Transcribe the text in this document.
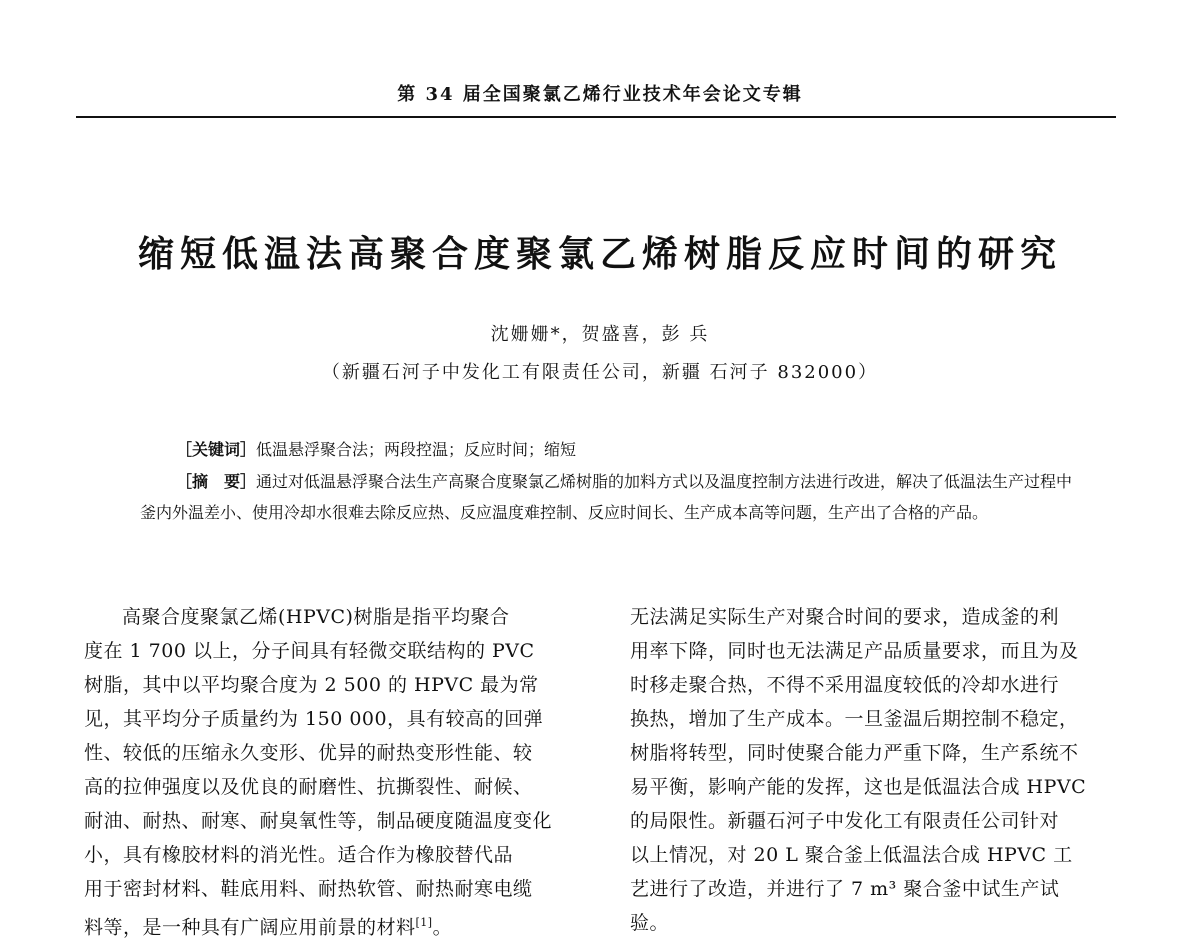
第 34 届全国聚氯乙烯行业技术年会论文专辑
缩短低温法高聚合度聚氯乙烯树脂反应时间的研究
沈姗姗*，贺盛喜，彭 兵
（新疆石河子中发化工有限责任公司，新疆 石河子 832000）
［关键词］低温悬浮聚合法；两段控温；反应时间；缩短
［摘　要］通过对低温悬浮聚合法生产高聚合度聚氯乙烯树脂的加料方式以及温度控制方法进行改进，解决了低温法生产过程中釜内外温差小、使用冷却水很难去除反应热、反应温度难控制、反应时间长、生产成本高等问题，生产出了合格的产品。
高聚合度聚氯乙烯(HPVC)树脂是指平均聚合
度在 1 700 以上，分子间具有轻微交联结构的 PVC
树脂，其中以平均聚合度为 2 500 的 HPVC 最为常
见，其平均分子质量约为 150 000，具有较高的回弹
性、较低的压缩永久变形、优异的耐热变形性能、较
高的拉伸强度以及优良的耐磨性、抗撕裂性、耐候、
耐油、耐热、耐寒、耐臭氧性等，制品硬度随温度变化
小，具有橡胶材料的消光性。适合作为橡胶替代品
用于密封材料、鞋底用料、耐热软管、耐热耐寒电缆
料等，是一种具有广阔应用前景的材料[1]。
无法满足实际生产对聚合时间的要求，造成釜的利
用率下降，同时也无法满足产品质量要求，而且为及
时移走聚合热，不得不采用温度较低的冷却水进行
换热，增加了生产成本。一旦釜温后期控制不稳定，
树脂将转型，同时使聚合能力严重下降，生产系统不
易平衡，影响产能的发挥，这也是低温法合成 HPVC
的局限性。新疆石河子中发化工有限责任公司针对
以上情况，对 20 L 聚合釜上低温法合成 HPVC 工
艺进行了改造，并进行了 7 m³ 聚合釜中试生产试
验。
